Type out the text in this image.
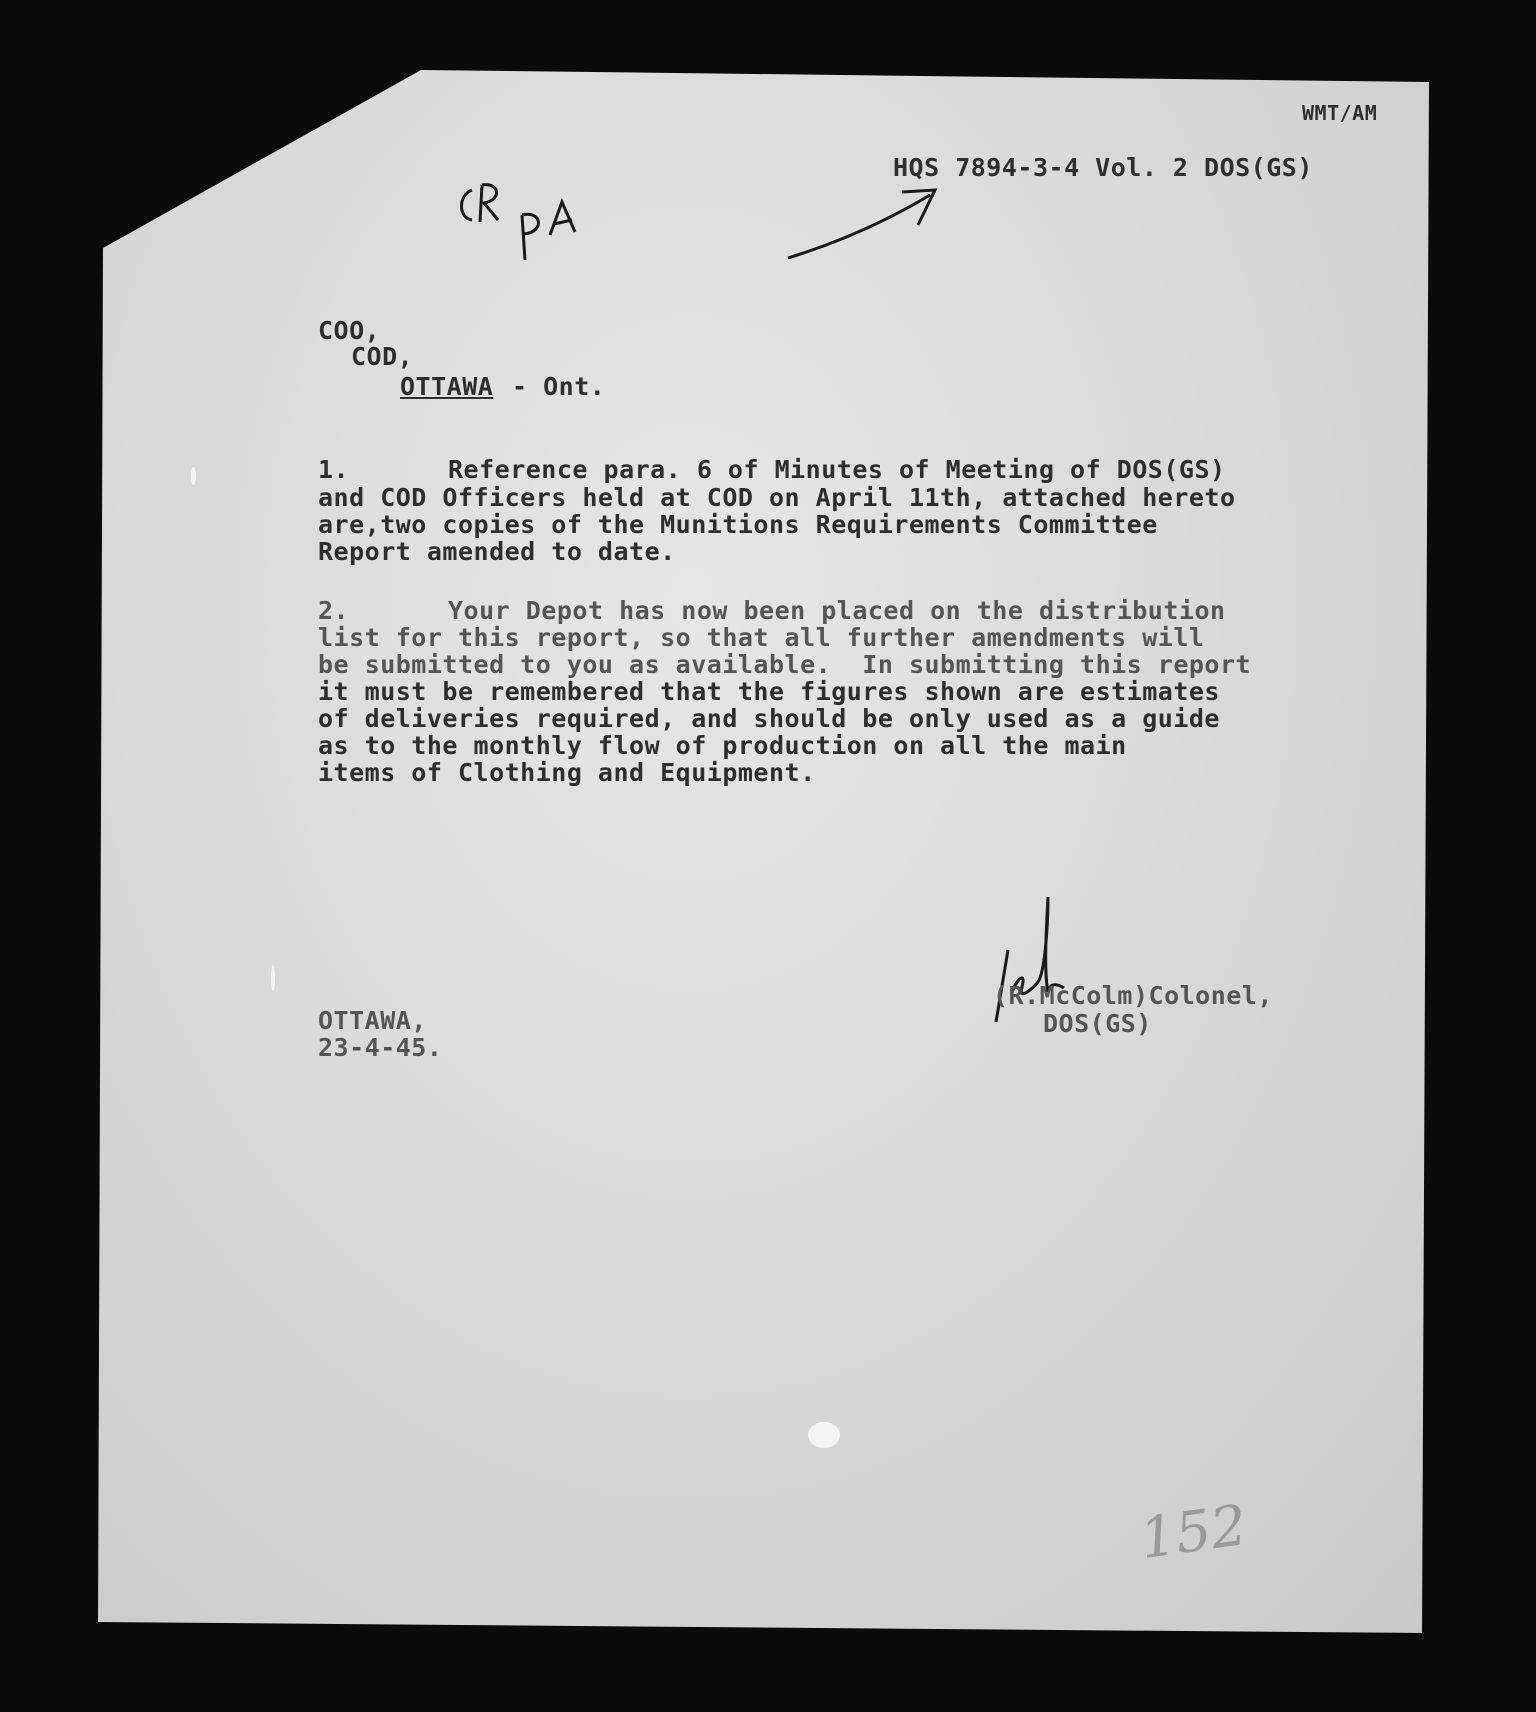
WMT/AM
HQS 7894-3-4 Vol. 2 DOS(GS)
COO,
COD,
OTTAWA - Ont.
1.	Reference para. 6 of Minutes of Meeting of DOS(GS)
and COD Officers held at COD on April 11th, attached hereto
are,two copies of the Munitions Requirements Committee
Report amended to date.
2.	Your Depot has now been placed on the distribution
list for this report, so that all further amendments will
be submitted to you as available.  In submitting this report
it must be remembered that the figures shown are estimates
of deliveries required, and should be only used as a guide
as to the monthly flow of production on all the main
items of Clothing and Equipment.
OTTAWA,
23-4-45.
(R.McColm)Colonel,
DOS(GS)
152
